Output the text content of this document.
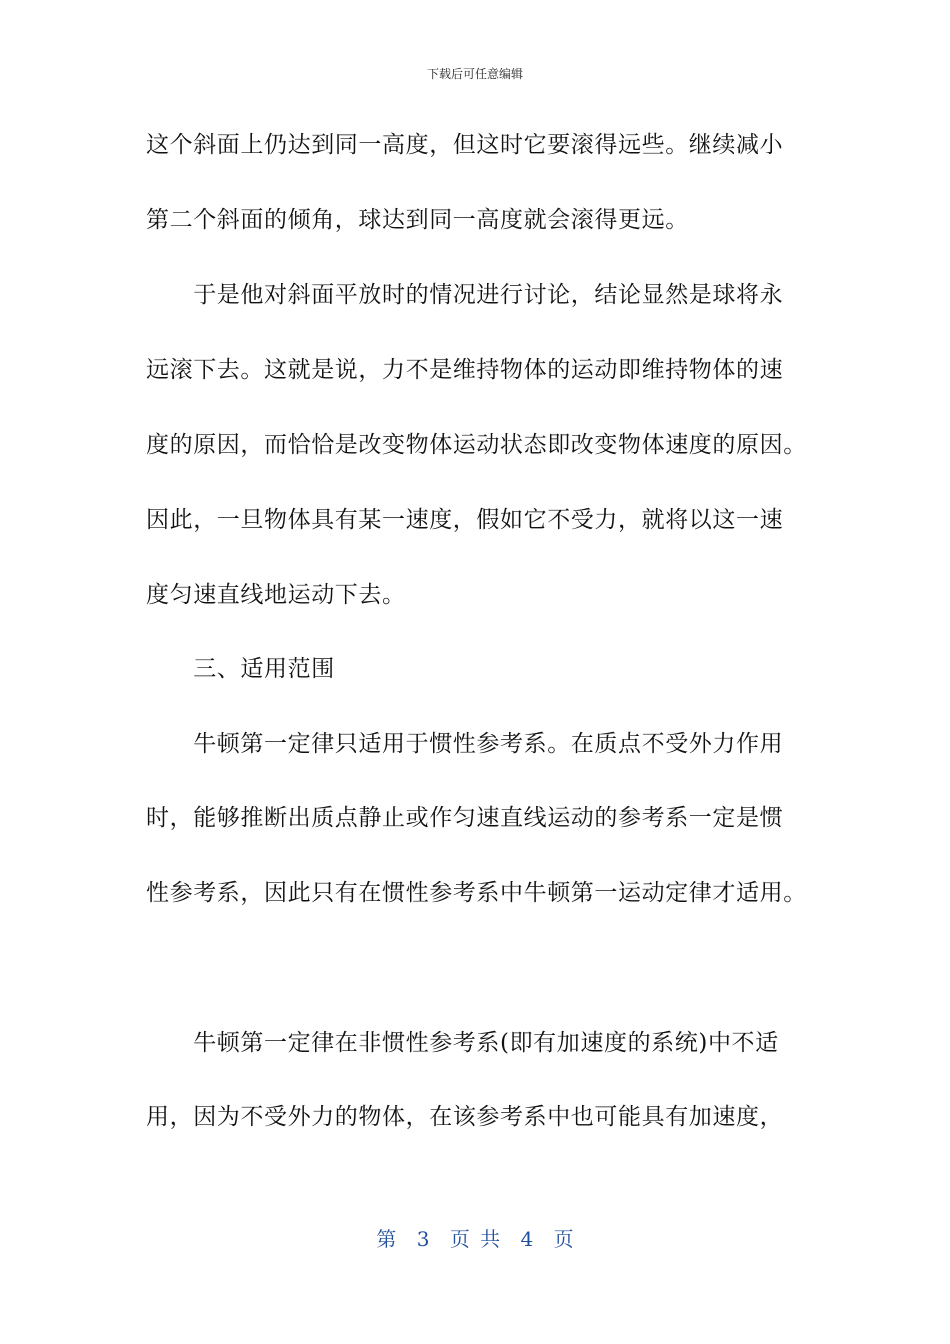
下载后可任意编辑
这个斜面上仍达到同一高度，但这时它要滚得远些。继续减小
第二个斜面的倾角，球达到同一高度就会滚得更远。
　　于是他对斜面平放时的情况进行讨论，结论显然是球将永
远滚下去。这就是说，力不是维持物体的运动即维持物体的速
度的原因，而恰恰是改变物体运动状态即改变物体速度的原因。
因此，一旦物体具有某一速度，假如它不受力，就将以这一速
度匀速直线地运动下去。
　　三、适用范围
　　牛顿第一定律只适用于惯性参考系。在质点不受外力作用
时，能够推断出质点静止或作匀速直线运动的参考系一定是惯
性参考系，因此只有在惯性参考系中牛顿第一运动定律才适用。
　　牛顿第一定律在非惯性参考系(即有加速度的系统)中不适
用，因为不受外力的物体，在该参考系中也可能具有加速度，
第 3 页 共 4 页
